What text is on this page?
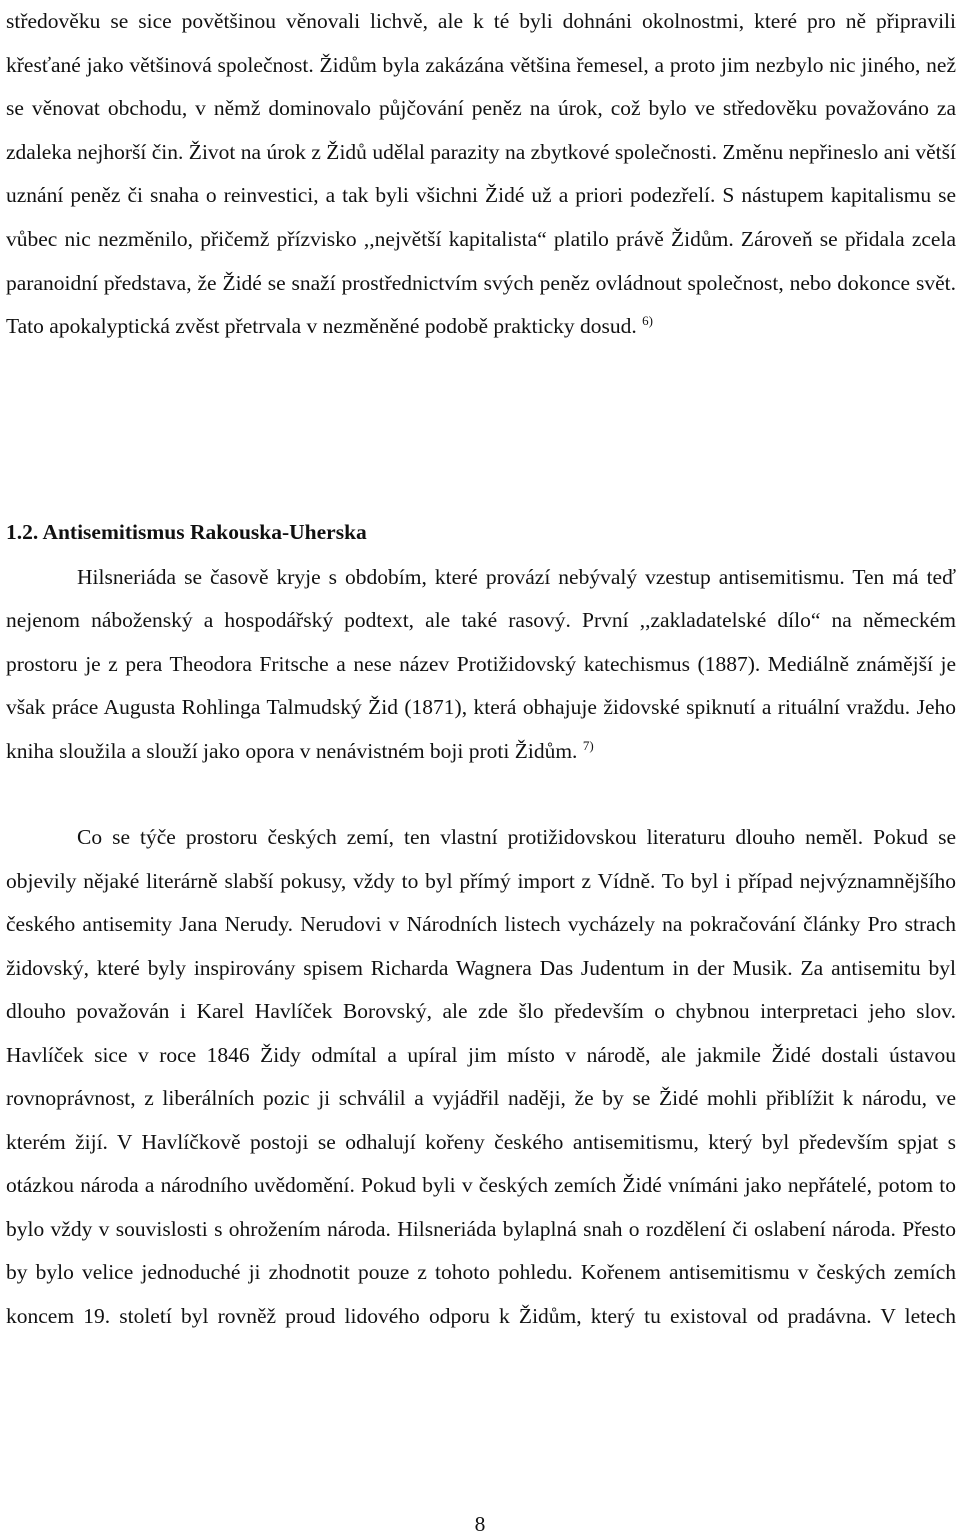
středověku se sice povětšinou věnovali lichvě, ale k té byli dohnáni okolnostmi, které pro ně připravili křesťané jako většinová společnost. Židům byla zakázána většina řemesel, a proto jim nezbylo nic jiného, než se věnovat obchodu, v němž dominovalo půjčování peněz na úrok, což bylo ve středověku považováno za zdaleka nejhorší čin. Život na úrok z Židů udělal parazity na zbytkové společnosti. Změnu nepřineslo ani větší uznání peněz či snaha o reinvestici, a tak byli všichni Židé už a priori podezřelí. S nástupem kapitalismu se vůbec nic nezměnilo, přičemž přízvisko ,,největší kapitalista“ platilo právě Židům. Zároveň se přidala zcela paranoidní představa, že Židé se snaží prostřednictvím svých peněz ovládnout společnost, nebo dokonce svět. Tato apokalyptická zvěst přetrvala v nezměněné podobě prakticky dosud. $^{6)}$

1.2. Antisemitismus Rakouska-Uherska

Hilsneriáda se časově kryje s obdobím, které provází nebývalý vzestup antisemitismu. Ten má teď nejenom náboženský a hospodářský podtext, ale také rasový. První ,,zakladatelské dílo“ na německém prostoru je z pera Theodora Fritsche a nese název Protižidovský katechismus (1887). Mediálně známější je však práce Augusta Rohlinga Talmudský Žid (1871), která obhajuje židovské spiknutí a rituální vraždu. Jeho kniha sloužila a slouží jako opora v nenávistném boji proti Židům. $^{7)}$

Co se týče prostoru českých zemí, ten vlastní protižidovskou literaturu dlouho neměl. Pokud se objevily nějaké literárně slabší pokusy, vždy to byl přímý import z Vídně. To byl i případ nejvýznamnějšího českého antisemity Jana Nerudy. Nerudovi v Národních listech vycházely na pokračování články Pro strach židovský, které byly inspirovány spisem Richarda Wagnera Das Judentum in der Musik. Za antisemitu byl dlouho považován i Karel Havlíček Borovský, ale zde šlo především o chybnou interpretaci jeho slov. Havlíček sice v roce 1846 Židy odmítal a upíral jim místo v národě, ale jakmile Židé dostali ústavou rovnoprávnost, z liberálních pozic ji schválil a vyjádřil naději, že by se Židé mohli přiblížit k národu, ve kterém žijí. V Havlíčkově postoji se odhalují kořeny českého antisemitismu, který byl především spjat s otázkou národa a národního uvědomění. Pokud byli v českých zemích Židé vnímáni jako nepřátelé, potom to bylo vždy v souvislosti s ohrožením národa. Hilsneriáda bylaplná snah o rozdělení či oslabení národa. Přesto by bylo velice jednoduché ji zhodnotit pouze z tohoto pohledu. Kořenem antisemitismu v českých zemích koncem 19. století byl rovněž proud lidového odporu k Židům, který tu existoval od pradávna. V letech

8
